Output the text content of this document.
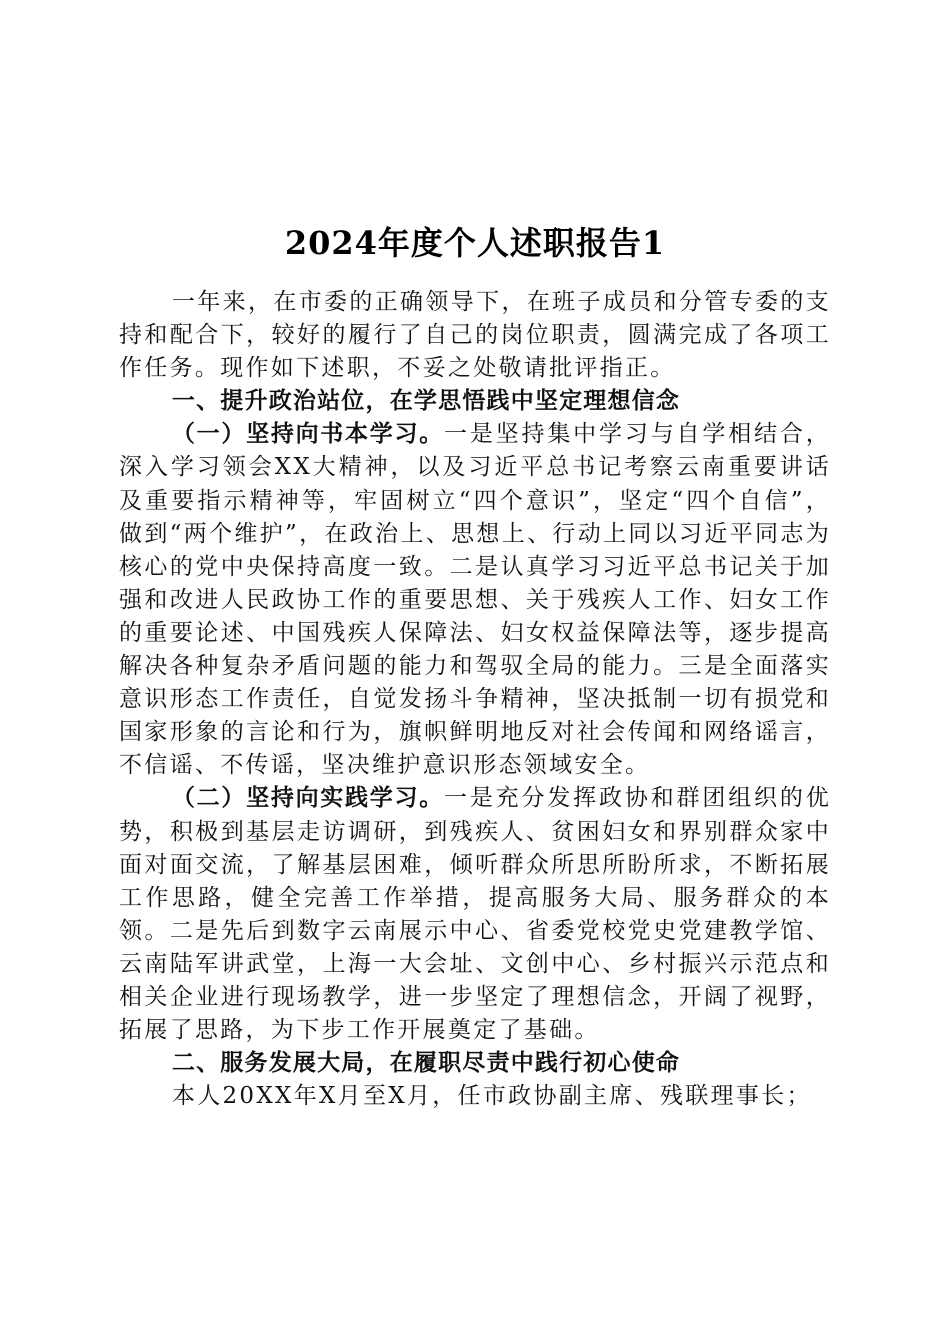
2024年度个人述职报告1

一年来，在市委的正确领导下，在班子成员和分管专委的支持和配合下，较好的履行了自己的岗位职责，圆满完成了各项工作任务。现作如下述职，不妥之处敬请批评指正。

一、提升政治站位，在学思悟践中坚定理想信念

（一）坚持向书本学习。一是坚持集中学习与自学相结合，深入学习领会XX大精神，以及习近平总书记考察云南重要讲话及重要指示精神等，牢固树立“四个意识”，坚定“四个自信”，做到“两个维护”，在政治上、思想上、行动上同以习近平同志为核心的党中央保持高度一致。二是认真学习习近平总书记关于加强和改进人民政协工作的重要思想、关于残疾人工作、妇女工作的重要论述、中国残疾人保障法、妇女权益保障法等，逐步提高解决各种复杂矛盾问题的能力和驾驭全局的能力。三是全面落实意识形态工作责任，自觉发扬斗争精神，坚决抵制一切有损党和国家形象的言论和行为，旗帜鲜明地反对社会传闻和网络谣言，不信谣、不传谣，坚决维护意识形态领域安全。

（二）坚持向实践学习。一是充分发挥政协和群团组织的优势，积极到基层走访调研，到残疾人、贫困妇女和界别群众家中面对面交流，了解基层困难，倾听群众所思所盼所求，不断拓展工作思路，健全完善工作举措，提高服务大局、服务群众的本领。二是先后到数字云南展示中心、省委党校党史党建教学馆、云南陆军讲武堂，上海一大会址、文创中心、乡村振兴示范点和相关企业进行现场教学，进一步坚定了理想信念，开阔了视野，拓展了思路，为下步工作开展奠定了基础。

二、服务发展大局，在履职尽责中践行初心使命

本人20XX年X月至X月，任市政协副主席、残联理事长；
